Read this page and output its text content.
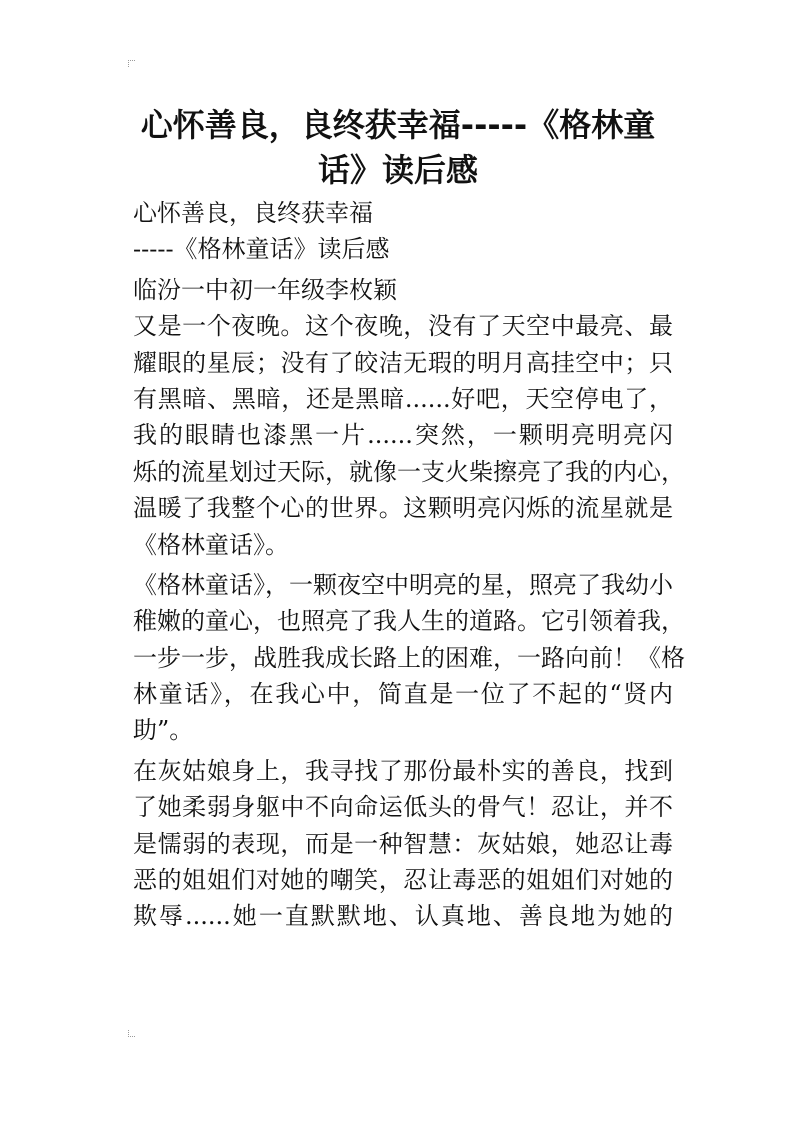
心怀善良，良终获幸福-----《格林童
话》读后感
心怀善良，良终获幸福
-----《格林童话》读后感
临汾一中初一年级李枚颖
又是一个夜晚。这个夜晚，没有了天空中最亮、最
耀眼的星辰；没有了皎洁无瑕的明月高挂空中；只
有黑暗、黑暗，还是黑暗......好吧，天空停电了，
我的眼睛也漆黑一片......突然，一颗明亮明亮闪
烁的流星划过天际，就像一支火柴擦亮了我的内心，
温暖了我整个心的世界。这颗明亮闪烁的流星就是
《格林童话》。
《格林童话》，一颗夜空中明亮的星，照亮了我幼小
稚嫩的童心，也照亮了我人生的道路。它引领着我，
一步一步，战胜我成长路上的困难，一路向前！《格
林童话》，在我心中，简直是一位了不起的“贤内
助”。
在灰姑娘身上，我寻找了那份最朴实的善良，找到
了她柔弱身躯中不向命运低头的骨气！忍让，并不
是懦弱的表现，而是一种智慧：灰姑娘，她忍让毒
恶的姐姐们对她的嘲笑，忍让毒恶的姐姐们对她的
欺辱......她一直默默地、认真地、善良地为她的
